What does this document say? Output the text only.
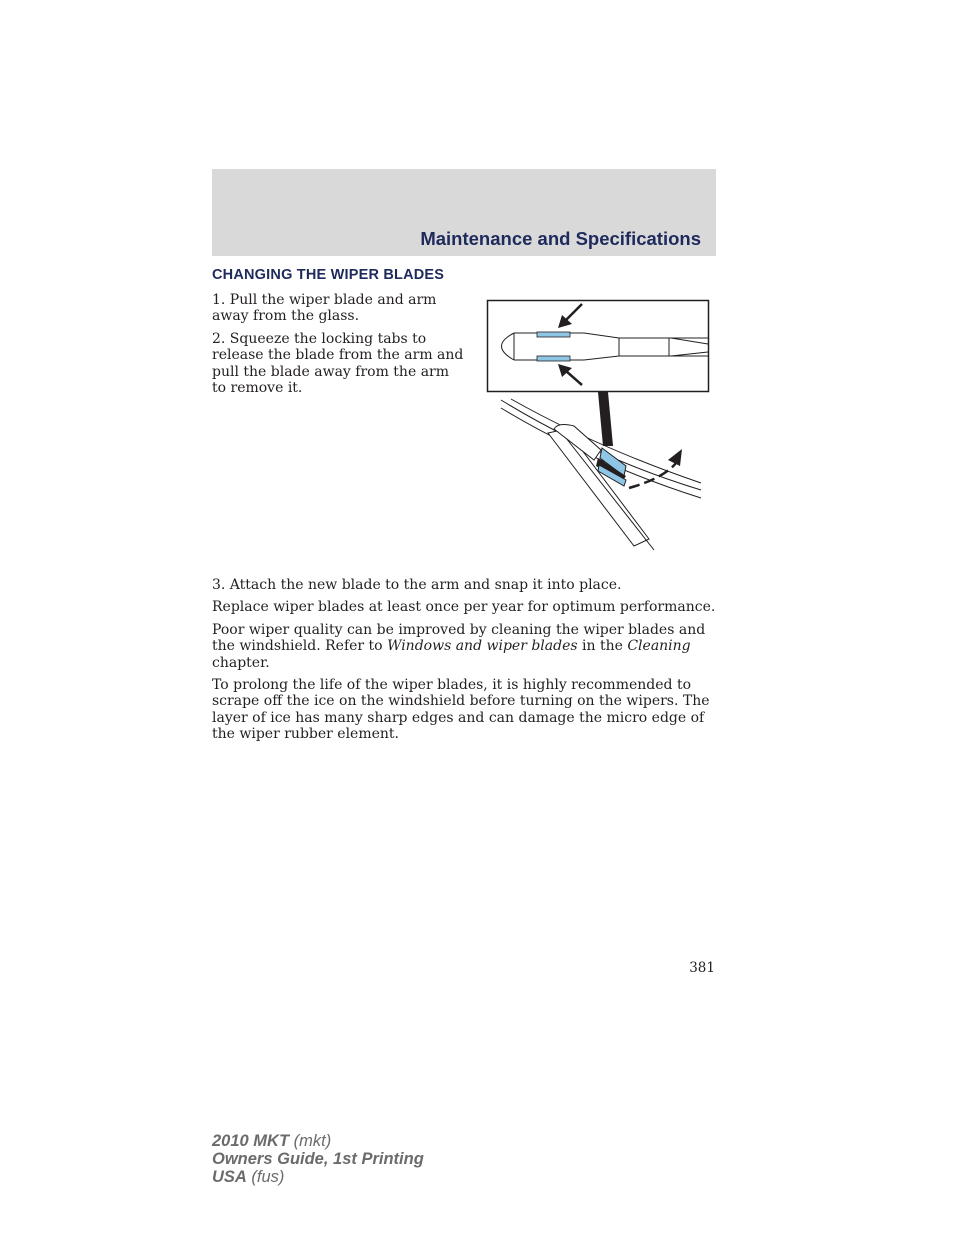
Maintenance and Specifications
CHANGING THE WIPER BLADES

1. Pull the wiper blade and arm away from the glass.

2. Squeeze the locking tabs to release the blade from the arm and pull the blade away from the arm to remove it.

3. Attach the new blade to the arm and snap it into place.

Replace wiper blades at least once per year for optimum performance.

Poor wiper quality can be improved by cleaning the wiper blades and the windshield. Refer to Windows and wiper blades in the Cleaning chapter.

To prolong the life of the wiper blades, it is highly recommended to scrape off the ice on the windshield before turning on the wipers. The layer of ice has many sharp edges and can damage the micro edge of the wiper rubber element.

381
2010 MKT (mkt)
Owners Guide, 1st Printing
USA (fus)
